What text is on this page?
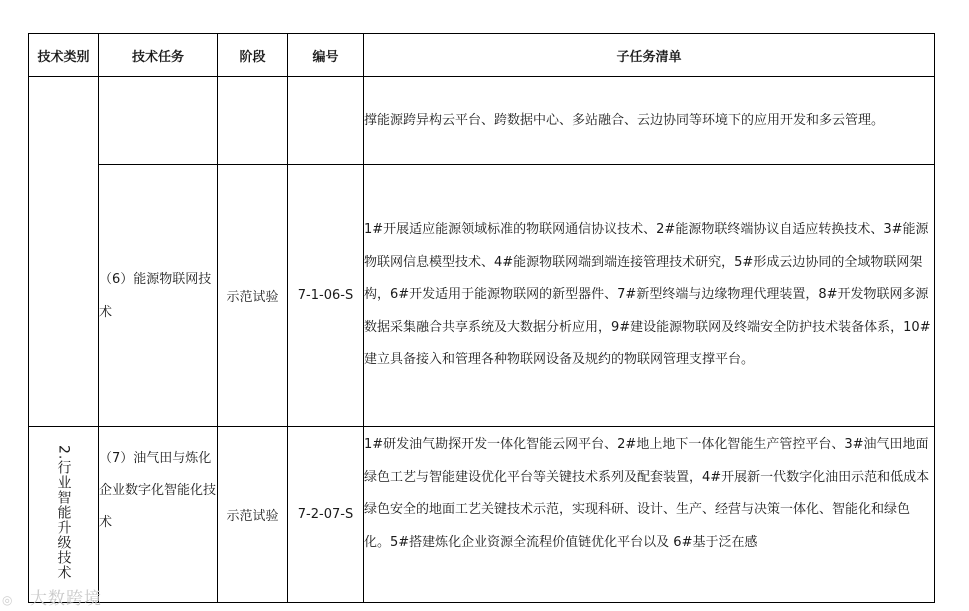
技术类别	技术任务	阶段	编号	子任务清单
				撑能源跨异构云平台、跨数据中心、多站融合、云边协同等环境下的应用开发和多云管理。
	（6）能源物联网技术	示范试验	7-1-06-S	1#开展适应能源领域标准的物联网通信协议技术、2#能源物联终端协议自适应转换技术、3#能源物联网信息模型技术、4#能源物联网端到端连接管理技术研究，5#形成云边协同的全域物联网架构，6#开发适用于能源物联网的新型器件、7#新型终端与边缘物理代理装置，8#开发物联网多源数据采集融合共享系统及大数据分析应用，9#建设能源物联网及终端安全防护技术装备体系，10#建立具备接入和管理各种物联网设备及规约的物联网管理支撑平台。
2.行业智能升级技术	（7）油气田与炼化企业数字化智能化技术	示范试验	7-2-07-S	1#研发油气勘探开发一体化智能云网平台、2#地上地下一体化智能生产管控平台、3#油气田地面绿色工艺与智能建设优化平台等关键技术系列及配套装置，4#开展新一代数字化油田示范和低成本绿色安全的地面工艺关键技术示范，实现科研、设计、生产、经营与决策一体化、智能化和绿色化。5#搭建炼化企业资源全流程价值链优化平台以及 6#基于泛在感
◎ 大数跨境
